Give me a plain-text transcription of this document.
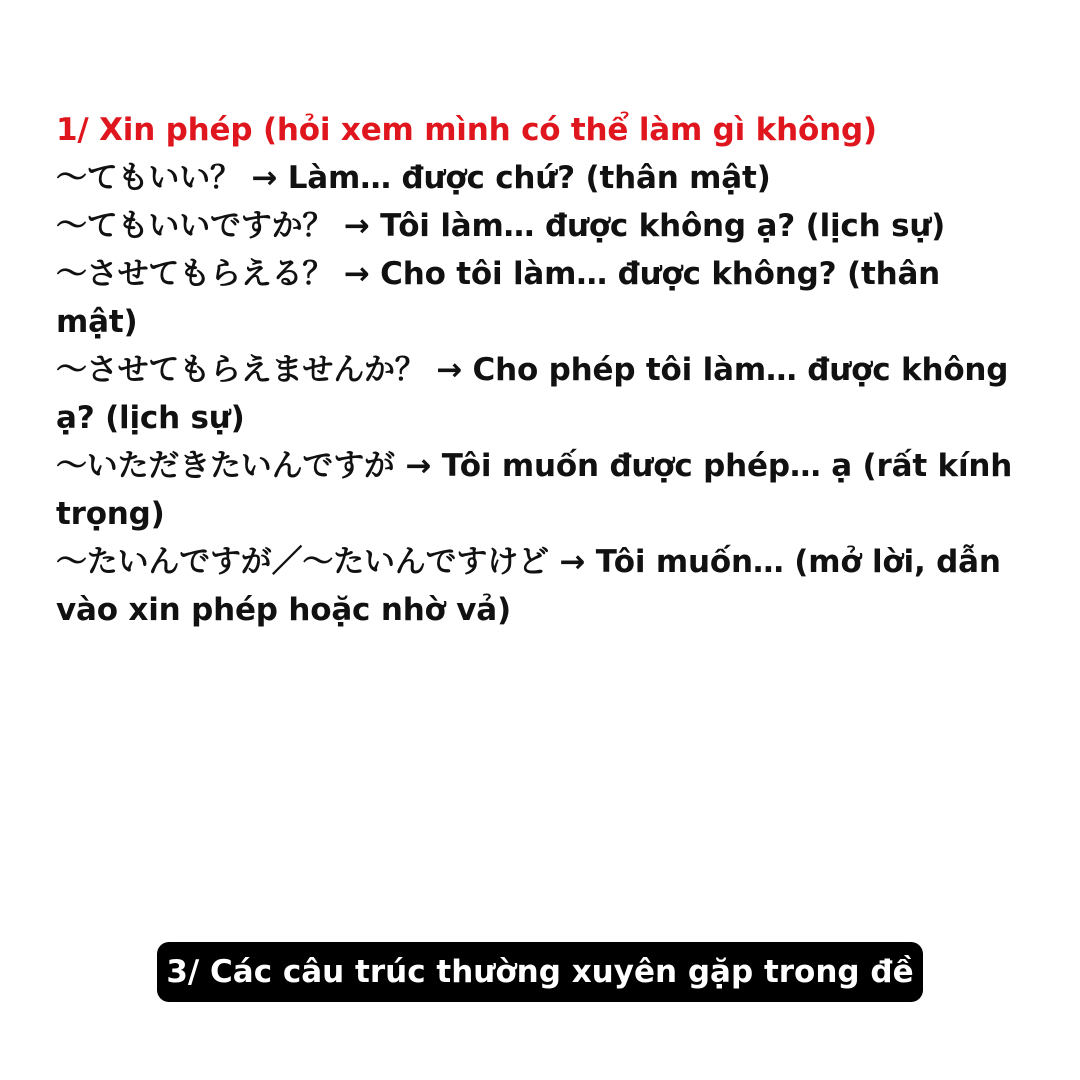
1/ Xin phép (hỏi xem mình có thể làm gì không)
〜てもいい？ → Làm… được chứ? (thân mật)
〜てもいいですか？ → Tôi làm… được không ạ? (lịch sự)
〜させてもらえる？ → Cho tôi làm… được không? (thân mật)
〜させてもらえませんか？ → Cho phép tôi làm… được không ạ? (lịch sự)
〜いただきたいんですが → Tôi muốn được phép… ạ (rất kính trọng)
〜たいんですが／〜たいんですけど → Tôi muốn… (mở lời, dẫn vào xin phép hoặc nhờ vả)
3/ Các câu trúc thường xuyên gặp trong đề
